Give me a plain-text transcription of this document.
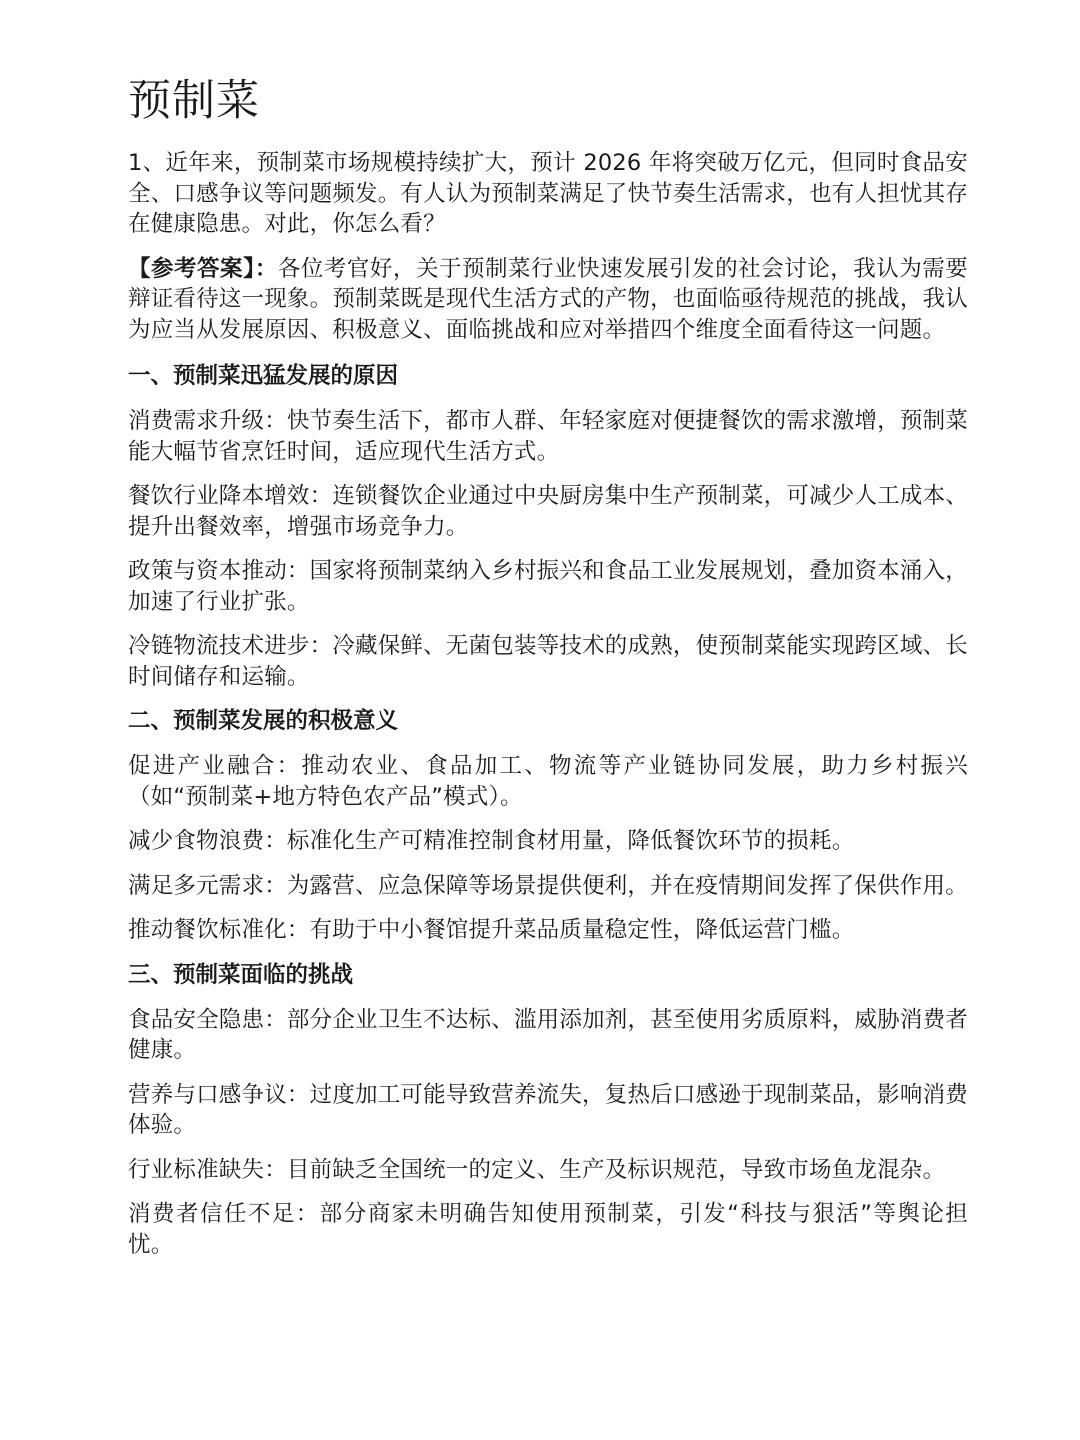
预制菜

1、近年来，预制菜市场规模持续扩大，预计 2026 年将突破万亿元，但同时食品安全、口感争议等问题频发。有人认为预制菜满足了快节奏生活需求，也有人担忧其存在健康隐患。对此，你怎么看？

【参考答案】：各位考官好，关于预制菜行业快速发展引发的社会讨论，我认为需要辩证看待这一现象。预制菜既是现代生活方式的产物，也面临亟待规范的挑战，我认为应当从发展原因、积极意义、面临挑战和应对举措四个维度全面看待这一问题。

一、预制菜迅猛发展的原因

消费需求升级：快节奏生活下，都市人群、年轻家庭对便捷餐饮的需求激增，预制菜能大幅节省烹饪时间，适应现代生活方式。

餐饮行业降本增效：连锁餐饮企业通过中央厨房集中生产预制菜，可减少人工成本、提升出餐效率，增强市场竞争力。

政策与资本推动：国家将预制菜纳入乡村振兴和食品工业发展规划，叠加资本涌入，加速了行业扩张。

冷链物流技术进步：冷藏保鲜、无菌包装等技术的成熟，使预制菜能实现跨区域、长时间储存和运输。

二、预制菜发展的积极意义

促进产业融合：推动农业、食品加工、物流等产业链协同发展，助力乡村振兴（如“预制菜+地方特色农产品”模式）。

减少食物浪费：标准化生产可精准控制食材用量，降低餐饮环节的损耗。

满足多元需求：为露营、应急保障等场景提供便利，并在疫情期间发挥了保供作用。

推动餐饮标准化：有助于中小餐馆提升菜品质量稳定性，降低运营门槛。

三、预制菜面临的挑战

食品安全隐患：部分企业卫生不达标、滥用添加剂，甚至使用劣质原料，威胁消费者健康。

营养与口感争议：过度加工可能导致营养流失，复热后口感逊于现制菜品，影响消费体验。

行业标准缺失：目前缺乏全国统一的定义、生产及标识规范，导致市场鱼龙混杂。

消费者信任不足：部分商家未明确告知使用预制菜，引发“科技与狠活”等舆论担忧。
